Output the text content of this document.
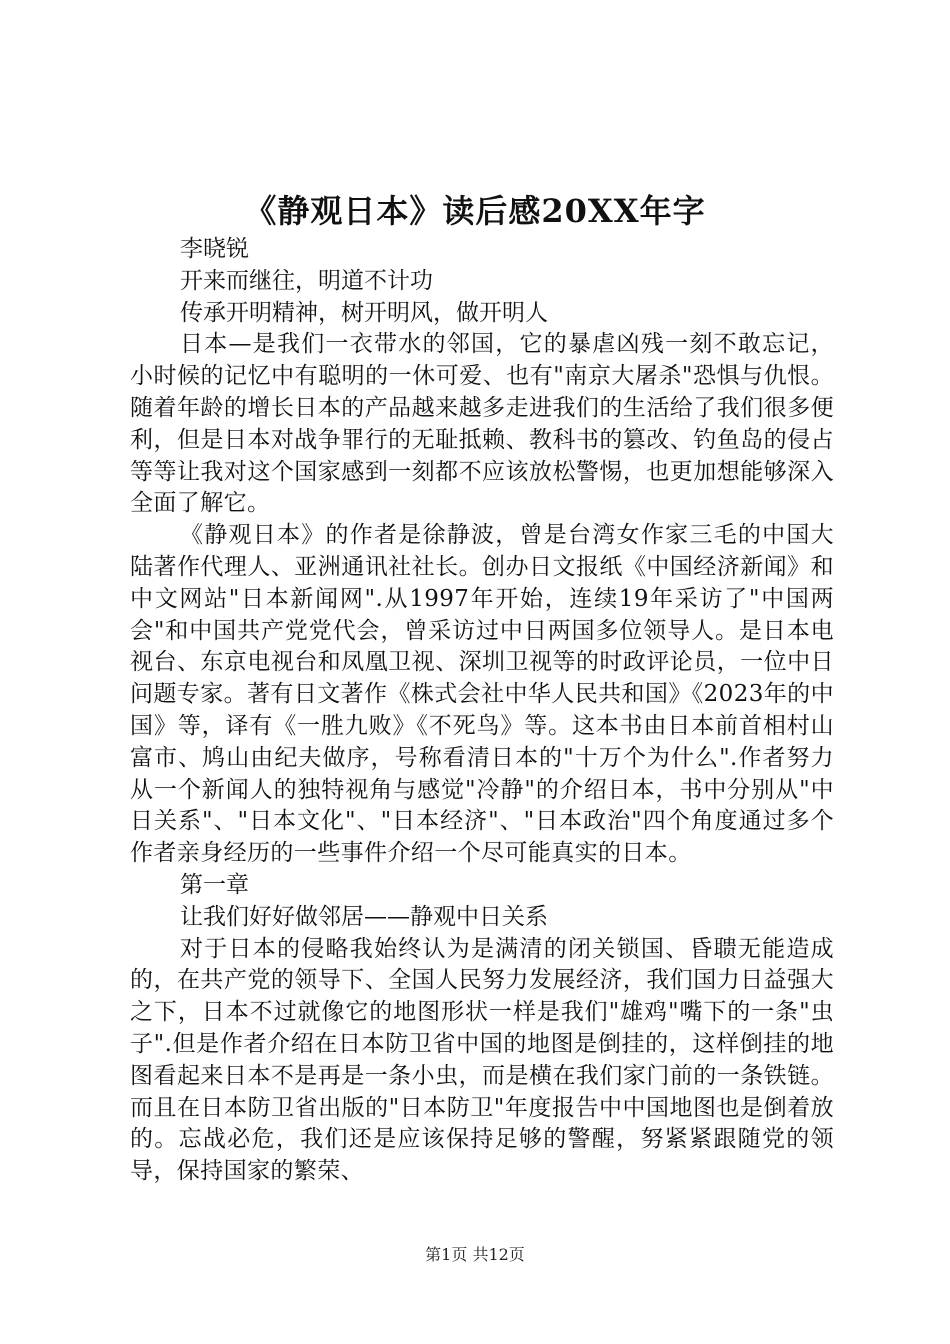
《静观日本》读后感20XX年字

李晓锐

开来而继往，明道不计功

传承开明精神，树开明风，做开明人

日本—是我们一衣带水的邻国，它的暴虐凶残一刻不敢忘记，小时候的记忆中有聪明的一休可爱、也有"南京大屠杀"恐惧与仇恨。随着年龄的增长日本的产品越来越多走进我们的生活给了我们很多便利，但是日本对战争罪行的无耻抵赖、教科书的篡改、钓鱼岛的侵占等等让我对这个国家感到一刻都不应该放松警惕，也更加想能够深入全面了解它。

《静观日本》的作者是徐静波，曾是台湾女作家三毛的中国大陆著作代理人、亚洲通讯社社长。创办日文报纸《中国经济新闻》和中文网站"日本新闻网".从1997年开始，连续19年采访了"中国两会"和中国共产党党代会，曾采访过中日两国多位领导人。是日本电视台、东京电视台和凤凰卫视、深圳卫视等的时政评论员，一位中日问题专家。著有日文著作《株式会社中华人民共和国》《2023年的中国》等，译有《一胜九败》《不死鸟》等。这本书由日本前首相村山富市、鸠山由纪夫做序，号称看清日本的"十万个为什么".作者努力从一个新闻人的独特视角与感觉"冷静"的介绍日本，书中分别从"中日关系"、"日本文化"、"日本经济"、"日本政治"四个角度通过多个作者亲身经历的一些事件介绍一个尽可能真实的日本。

第一章

让我们好好做邻居——静观中日关系

对于日本的侵略我始终认为是满清的闭关锁国、昏聩无能造成的，在共产党的领导下、全国人民努力发展经济，我们国力日益强大之下，日本不过就像它的地图形状一样是我们"雄鸡"嘴下的一条"虫子".但是作者介绍在日本防卫省中国的地图是倒挂的，这样倒挂的地图看起来日本不是再是一条小虫，而是横在我们家门前的一条铁链。而且在日本防卫省出版的"日本防卫"年度报告中中国地图也是倒着放的。忘战必危，我们还是应该保持足够的警醒，努紧紧跟随党的领导，保持国家的繁荣、

第1页 共12页
